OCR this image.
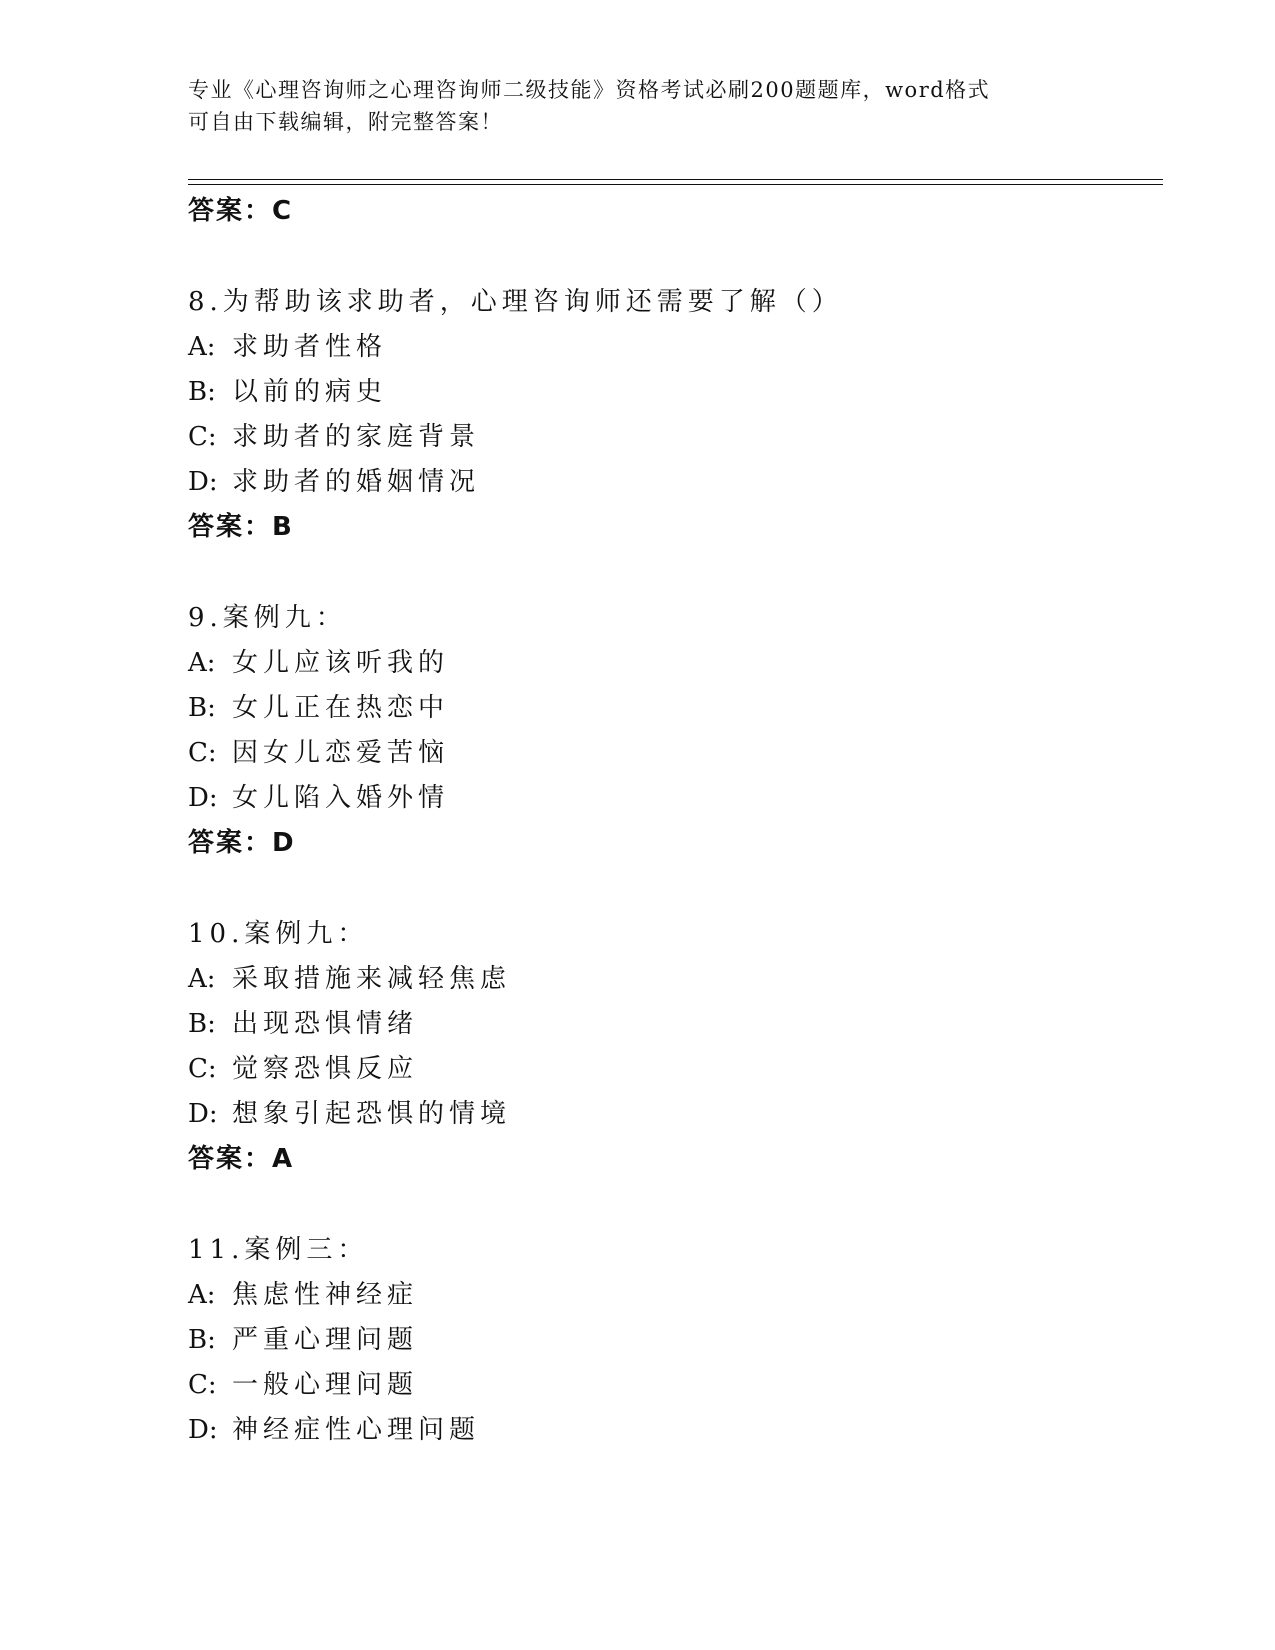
专业《心理咨询师之心理咨询师二级技能》资格考试必刷200题题库，word格式
可自由下载编辑，附完整答案！
答案：C
8.为帮助该求助者，心理咨询师还需要了解（）
A: 求助者性格
B: 以前的病史
C: 求助者的家庭背景
D: 求助者的婚姻情况
答案：B
9.案例九：
A: 女儿应该听我的
B: 女儿正在热恋中
C: 因女儿恋爱苦恼
D: 女儿陷入婚外情
答案：D
10.案例九：
A: 采取措施来减轻焦虑
B: 出现恐惧情绪
C: 觉察恐惧反应
D: 想象引起恐惧的情境
答案：A
11.案例三：
A: 焦虑性神经症
B: 严重心理问题
C: 一般心理问题
D: 神经症性心理问题
